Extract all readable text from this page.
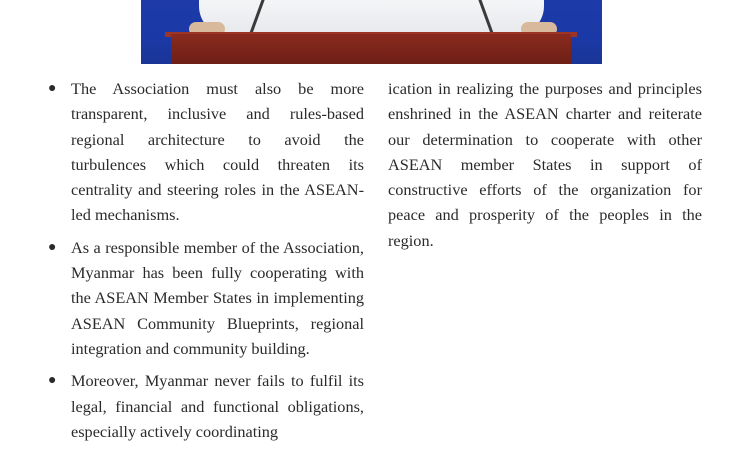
● The Association must also be more transparent, inclusive and rules-based regional architecture to avoid the turbulences which could threaten its centrality and steering roles in the ASEAN-led mechanisms.
● As a responsible member of the Association, Myanmar has been fully cooperating with the ASEAN Member States in implementing ASEAN Community Blueprints, regional integration and community building.
● Moreover, Myanmar never fails to fulfil its legal, financial and functional obligations, especially actively coordinating

ication in realizing the purposes and principles enshrined in the ASEAN charter and reiterate our determination to cooperate with other ASEAN member States in support of constructive efforts of the organization for peace and prosperity of the peoples in the region.
